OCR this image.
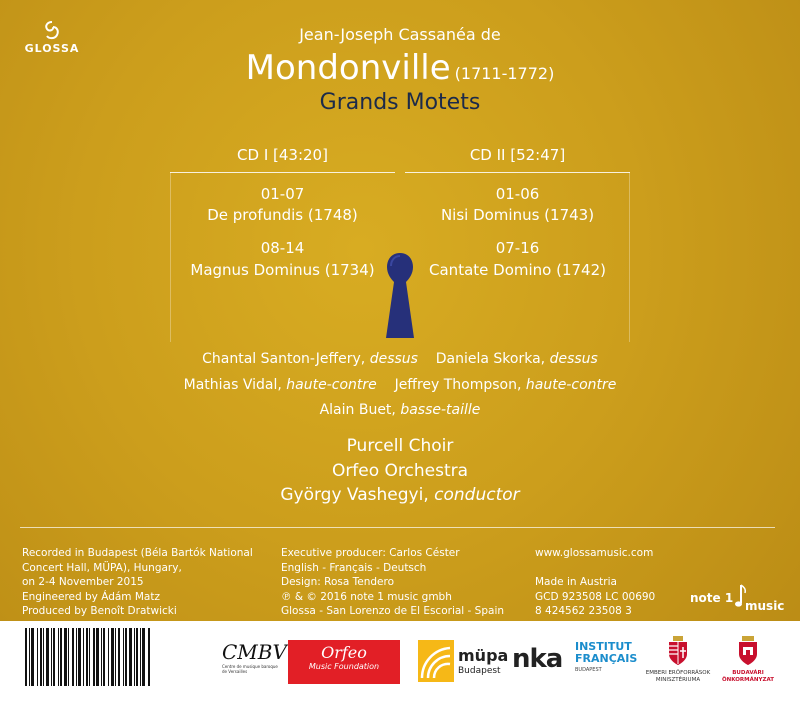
GLOSSA
Jean-Joseph Cassanéa de
Mondonville (1711-1772)
Grands Motets
CD I [43:20]	CD II [52:47]
01-07
De profundis (1748)
08-14
Magnus Dominus (1734)
01-06
Nisi Dominus (1743)
07-16
Cantate Domino (1742)
Chantal Santon-Jeffery, dessus Daniela Skorka, dessus
Mathias Vidal, haute-contre Jeffrey Thompson, haute-contre
Alain Buet, basse-taille
Purcell Choir
Orfeo Orchestra
György Vashegyi, conductor
Recorded in Budapest (Béla Bartók National
Concert Hall, MÜPA), Hungary,
on 2-4 November 2015
Engineered by Ádám Matz
Produced by Benoît Dratwicki
Executive producer: Carlos Céster
English - Français - Deutsch
Design: Rosa Tendero
℗ & © 2016 note 1 music gmbh
Glossa - San Lorenzo de El Escorial - Spain
www.glossamusic.com
Made in Austria
GCD 923508 LC 00690
8 424562 23508 3
note 1
music
CMBV
Centre de musique baroque de Versailles
Orfeo
Music Foundation
müpa
Budapest nka INSTITUT
FRANÇAIS
BUDAPEST	EMBERI ERŐFORRÁSOK
MINISZTÉRIUMA
BUDAVÁRI
ÖNKORMÁNYZAT
